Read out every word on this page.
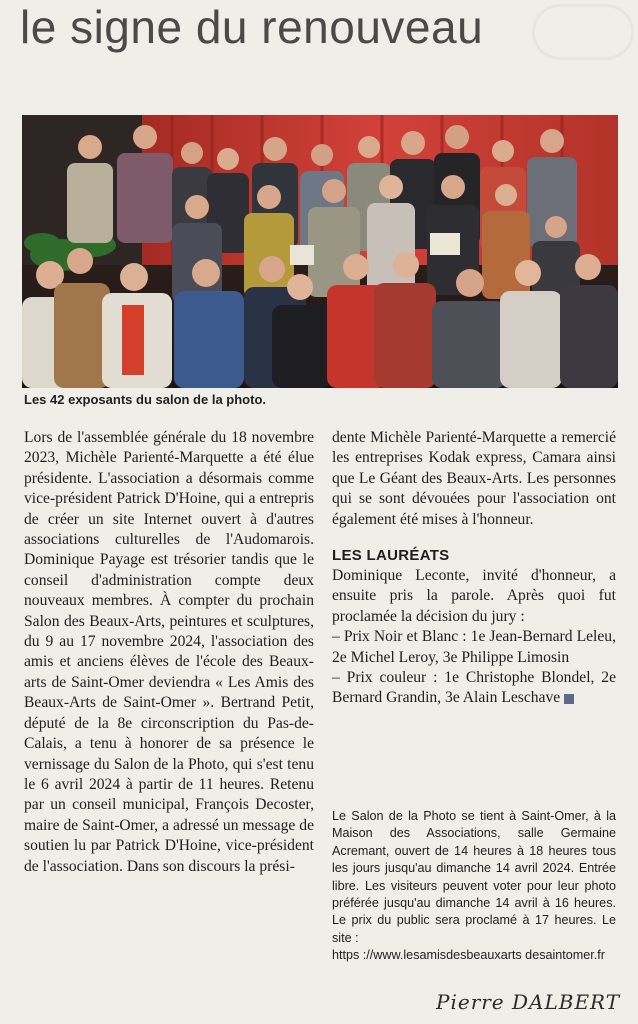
le signe du renouveau
Les 42 exposants du salon de la photo.

Lors de l'assemblée générale du 18 novembre 2023, Michèle Parienté-Marquette a été élue présidente. L'association a désormais comme vice-président Patrick D'Hoine, qui a entrepris de créer un site Internet ouvert à d'autres associations culturelles de l'Audomarois. Dominique Payage est trésorier tandis que le conseil d'administration compte deux nouveaux membres. À compter du prochain Salon des Beaux-Arts, peintures et sculptures, du 9 au 17 novembre 2024, l'association des amis et anciens élèves de l'école des Beaux-arts de Saint-Omer deviendra « Les Amis des Beaux-Arts de Saint-Omer ». Bertrand Petit, député de la 8e circonscription du Pas-de-Calais, a tenu à honorer de sa présence le vernissage du Salon de la Photo, qui s'est tenu le 6 avril 2024 à partir de 11 heures. Retenu par un conseil municipal, François Decoster, maire de Saint-Omer, a adressé un message de soutien lu par Patrick D'Hoine, vice-président de l'association. Dans son discours la prési-

dente Michèle Parienté-Marquette a remercié les entreprises Kodak express, Camara ainsi que Le Géant des Beaux-Arts. Les personnes qui se sont dévouées pour l'association ont également été mises à l'honneur.

LES LAURÉATS

Dominique Leconte, invité d'honneur, a ensuite pris la parole. Après quoi fut proclamée la décision du jury :

– Prix Noir et Blanc : 1e Jean-Bernard Leleu, 2e Michel Leroy, 3e Philippe Limosin

– Prix couleur : 1e Christophe Blondel, 2e Bernard Grandin, 3e Alain Leschave

Le Salon de la Photo se tient à Saint-Omer, à la Maison des Associations, salle Germaine Acremant, ouvert de 14 heures à 18 heures tous les jours jusqu'au dimanche 14 avril 2024. Entrée libre. Les visiteurs peuvent voter pour leur photo préférée jusqu'au dimanche 14 avril à 16 heures. Le prix du public sera proclamé à 17 heures. Le site :

https ://www.lesamisdesbeauxarts desaintomer.fr

Pierre DALBERT
